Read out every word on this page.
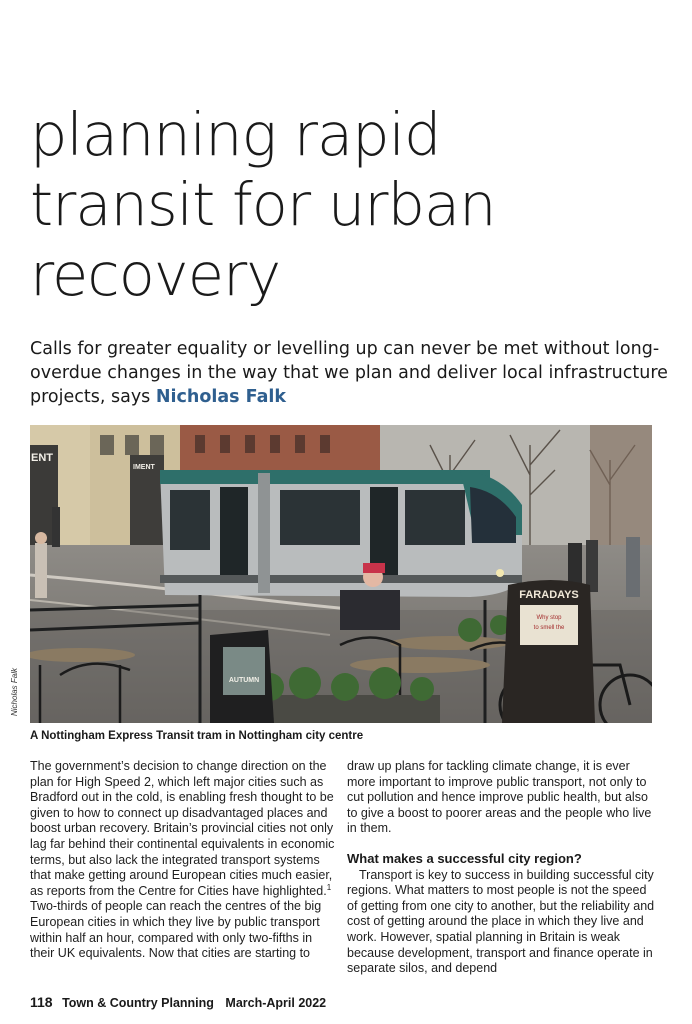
planning rapid
transit for urban
recovery

Calls for greater equality or levelling up can never be met without long-overdue changes in the way that we plan and deliver local infrastructure projects, says Nicholas Falk

FARADAYS
Why stop
to smell the
AUTUMN
ENT
IMENT
Nicholas Falk
A Nottingham Express Transit tram in Nottingham city centre

The government’s decision to change direction on the plan for High Speed 2, which left major cities such as Bradford out in the cold, is enabling fresh thought to be given to how to connect up disadvantaged places and boost urban recovery. Britain’s provincial cities not only lag far behind their continental equivalents in economic terms, but also lack the integrated transport systems that make getting around European cities much easier, as reports from the Centre for Cities have highlighted.$^1$ Two-thirds of people can reach the centres of the big European cities in which they live by public transport within half an hour, compared with only two-fifths in their UK equivalents. Now that cities are starting to

draw up plans for tackling climate change, it is ever more important to improve public transport, not only to cut pollution and hence improve public health, but also to give a boost to poorer areas and the people who live in them.

What makes a successful city region?

Transport is key to success in building successful city regions. What matters to most people is not the speed of getting from one city to another, but the reliability and cost of getting around the place in which they live and work. However, spatial planning in Britain is weak because development, transport and finance operate in separate silos, and depend

118 Town & Country Planning March-April 2022
